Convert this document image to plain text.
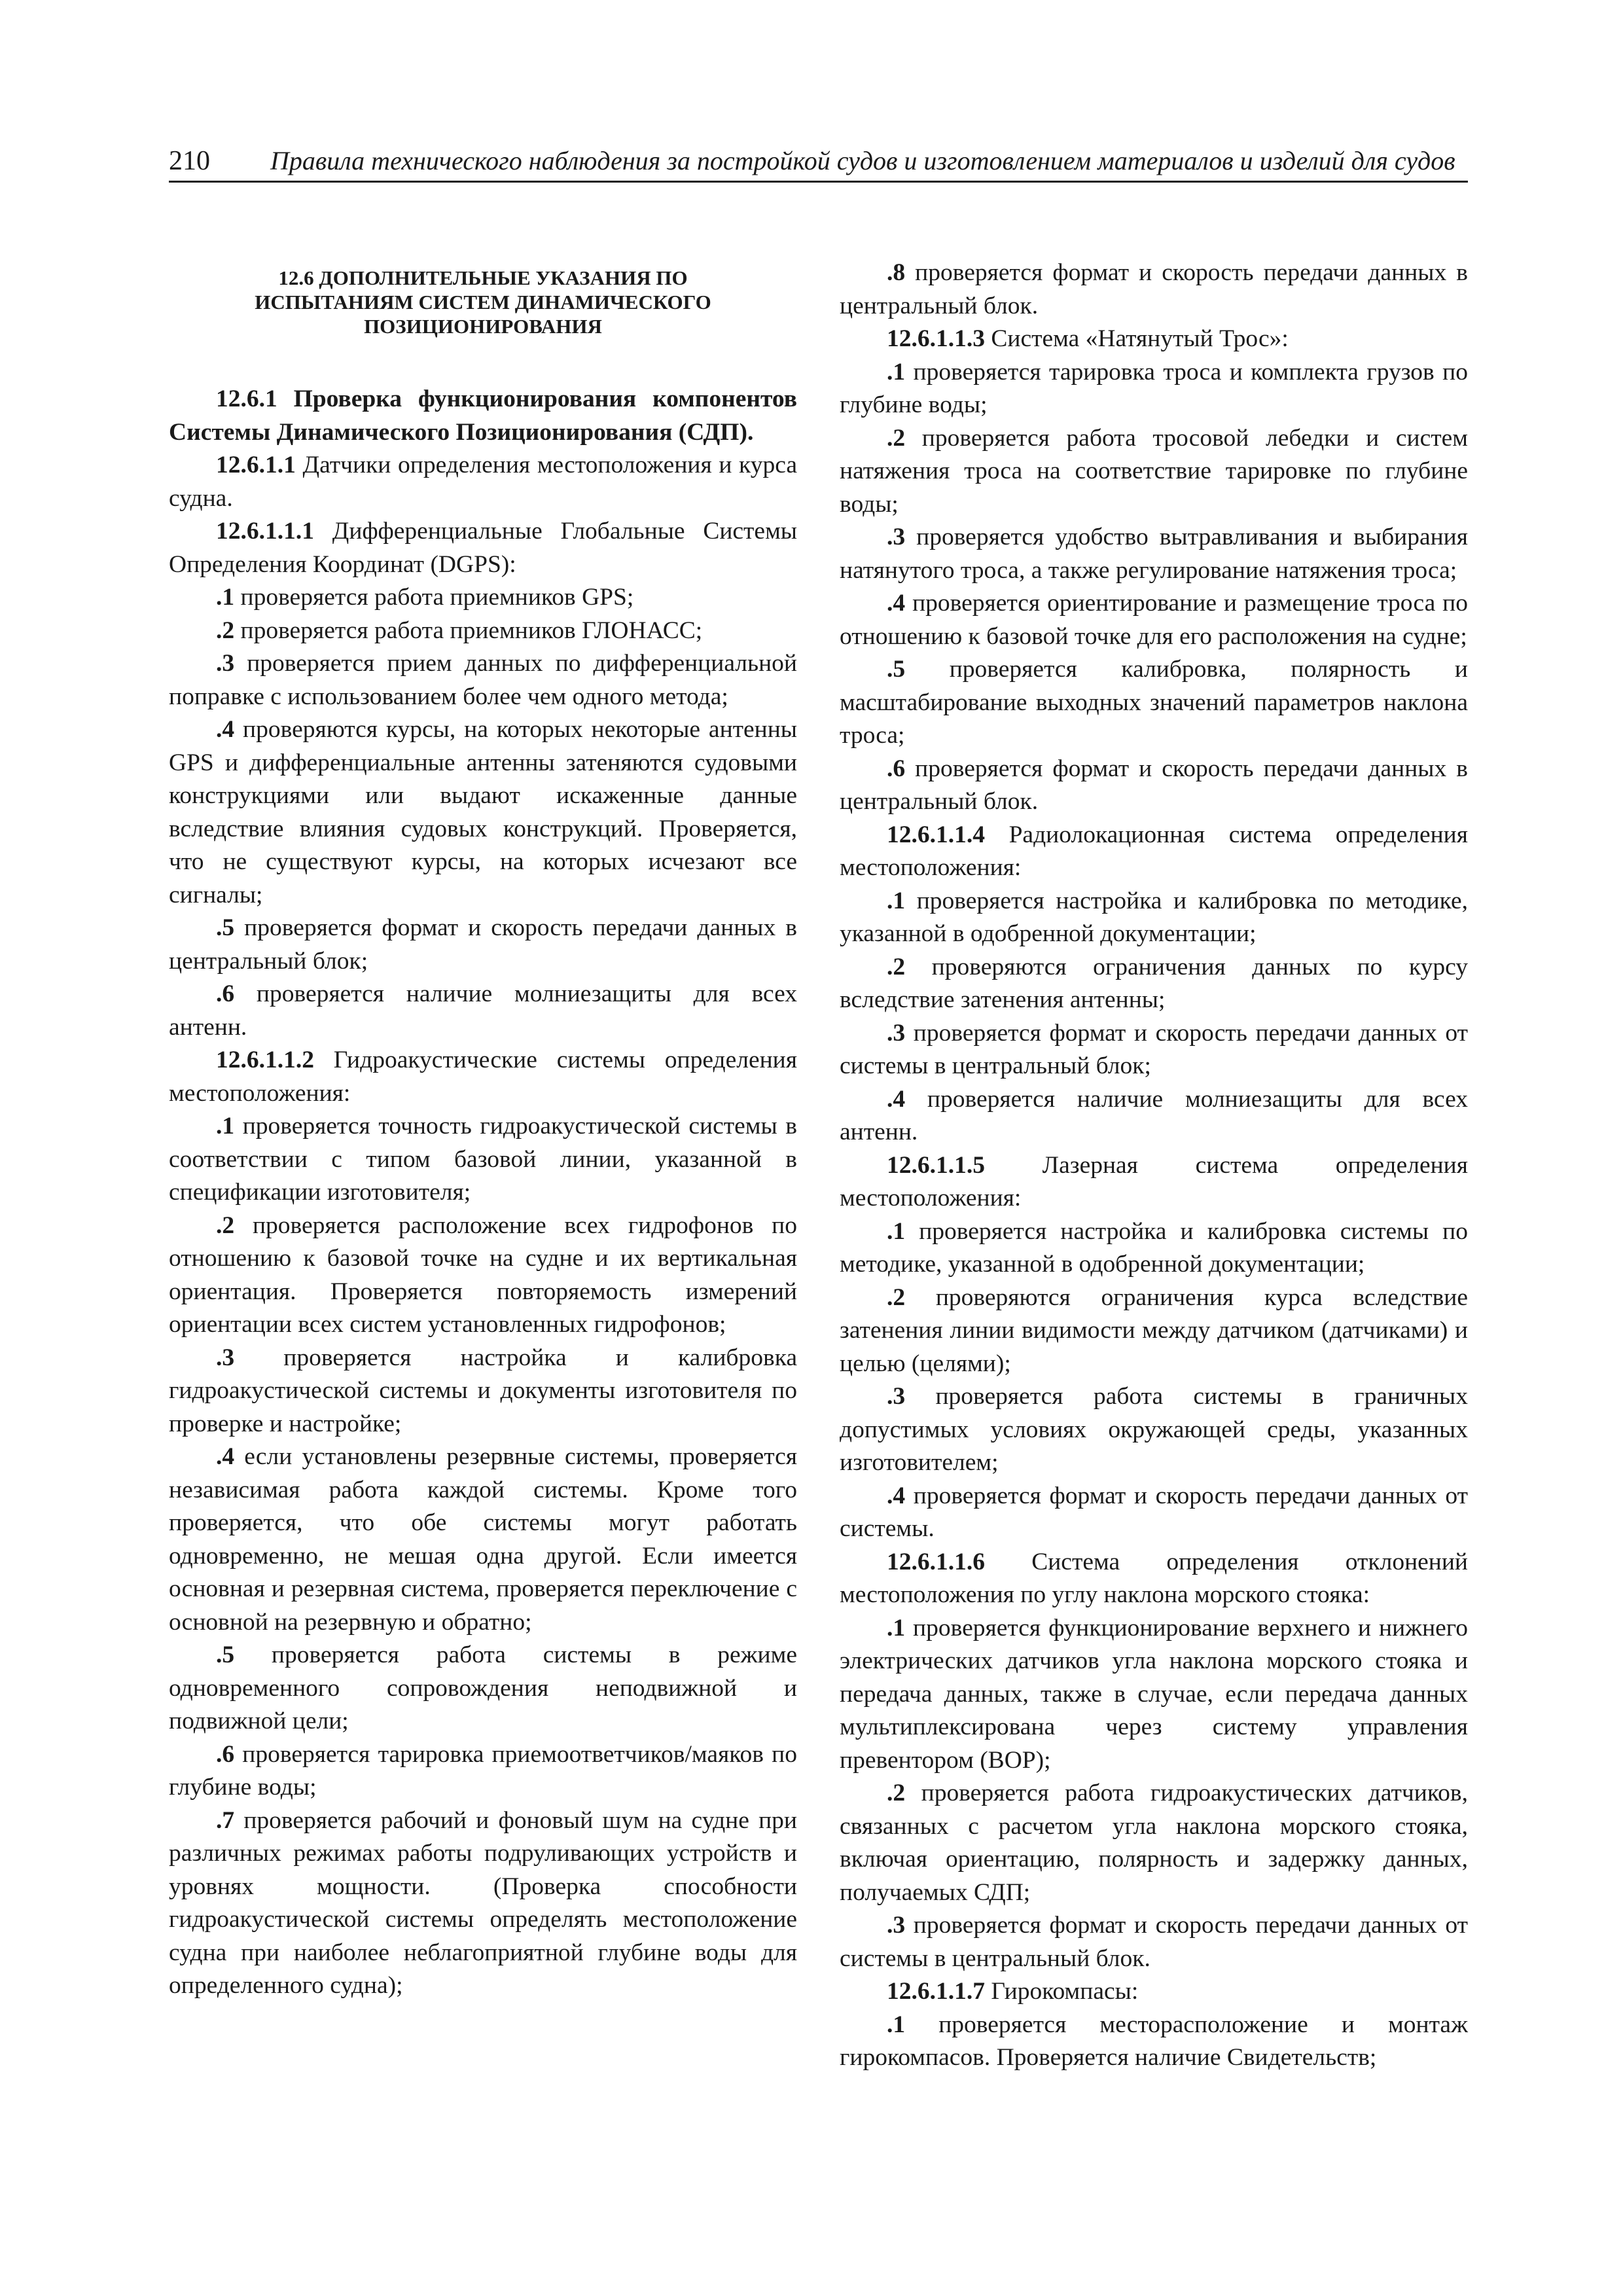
210 Правила технического наблюдения за постройкой судов и изготовлением материалов и изделий для судов
12.6 ДОПОЛНИТЕЛЬНЫЕ УКАЗАНИЯ ПО ИСПЫТАНИЯМ СИСТЕМ ДИНАМИЧЕСКОГО ПОЗИЦИОНИРОВАНИЯ
12.6.1 Проверка функционирования компонентов Системы Динамического Позиционирования (СДП).

12.6.1.1 Датчики определения местоположения и курса судна.

12.6.1.1.1 Дифференциальные Глобальные Системы Определения Координат (DGPS):

.1 проверяется работа приемников GPS;

.2 проверяется работа приемников ГЛОНАСС;

.3 проверяется прием данных по дифференциальной поправке с использованием более чем одного метода;

.4 проверяются курсы, на которых некоторые антенны GPS и дифференциальные антенны затеняются судовыми конструкциями или выдают искаженные данные вследствие влияния судовых конструкций. Проверяется, что не существуют курсы, на которых исчезают все сигналы;

.5 проверяется формат и скорость передачи данных в центральный блок;

.6 проверяется наличие молниезащиты для всех антенн.

12.6.1.1.2 Гидроакустические системы определения местоположения:

.1 проверяется точность гидроакустической системы в соответствии с типом базовой линии, указанной в спецификации изготовителя;

.2 проверяется расположение всех гидрофонов по отношению к базовой точке на судне и их вертикальная ориентация. Проверяется повторяемость измерений ориентации всех систем установленных гидрофонов;

.3 проверяется настройка и калибровка гидроакустической системы и документы изготовителя по проверке и настройке;

.4 если установлены резервные системы, проверяется независимая работа каждой системы. Кроме того проверяется, что обе системы могут работать одновременно, не мешая одна другой. Если имеется основная и резервная система, проверяется переключение с основной на резервную и обратно;

.5 проверяется работа системы в режиме одновременного сопровождения неподвижной и подвижной цели;

.6 проверяется тарировка приемоответчиков/маяков по глубине воды;

.7 проверяется рабочий и фоновый шум на судне при различных режимах работы подруливающих устройств и уровнях мощности. (Проверка способности гидроакустической системы определять местоположение судна при наиболее неблагоприятной глубине воды для определенного судна);

.8 проверяется формат и скорость передачи данных в центральный блок.

12.6.1.1.3 Система «Натянутый Трос»:

.1 проверяется тарировка троса и комплекта грузов по глубине воды;

.2 проверяется работа тросовой лебедки и систем натяжения троса на соответствие тарировке по глубине воды;

.3 проверяется удобство вытравливания и выбирания натянутого троса, а также регулирование натяжения троса;

.4 проверяется ориентирование и размещение троса по отношению к базовой точке для его расположения на судне;

.5 проверяется калибровка, полярность и масштабирование выходных значений параметров наклона троса;

.6 проверяется формат и скорость передачи данных в центральный блок.

12.6.1.1.4 Радиолокационная система определения местоположения:

.1 проверяется настройка и калибровка по методике, указанной в одобренной документации;

.2 проверяются ограничения данных по курсу вследствие затенения антенны;

.3 проверяется формат и скорость передачи данных от системы в центральный блок;

.4 проверяется наличие молниезащиты для всех антенн.

12.6.1.1.5 Лазерная система определения местоположения:

.1 проверяется настройка и калибровка системы по методике, указанной в одобренной документации;

.2 проверяются ограничения курса вследствие затенения линии видимости между датчиком (датчиками) и целью (целями);

.3 проверяется работа системы в граничных допустимых условиях окружающей среды, указанных изготовителем;

.4 проверяется формат и скорость передачи данных от системы.

12.6.1.1.6 Система определения отклонений местоположения по углу наклона морского стояка:

.1 проверяется функционирование верхнего и нижнего электрических датчиков угла наклона морского стояка и передача данных, также в случае, если передача данных мультиплексирована через систему управления превентором (ВОР);

.2 проверяется работа гидроакустических датчиков, связанных с расчетом угла наклона морского стояка, включая ориентацию, полярность и задержку данных, получаемых СДП;

.3 проверяется формат и скорость передачи данных от системы в центральный блок.

12.6.1.1.7 Гирокомпасы:

.1 проверяется месторасположение и монтаж гирокомпасов. Проверяется наличие Свидетельств;
